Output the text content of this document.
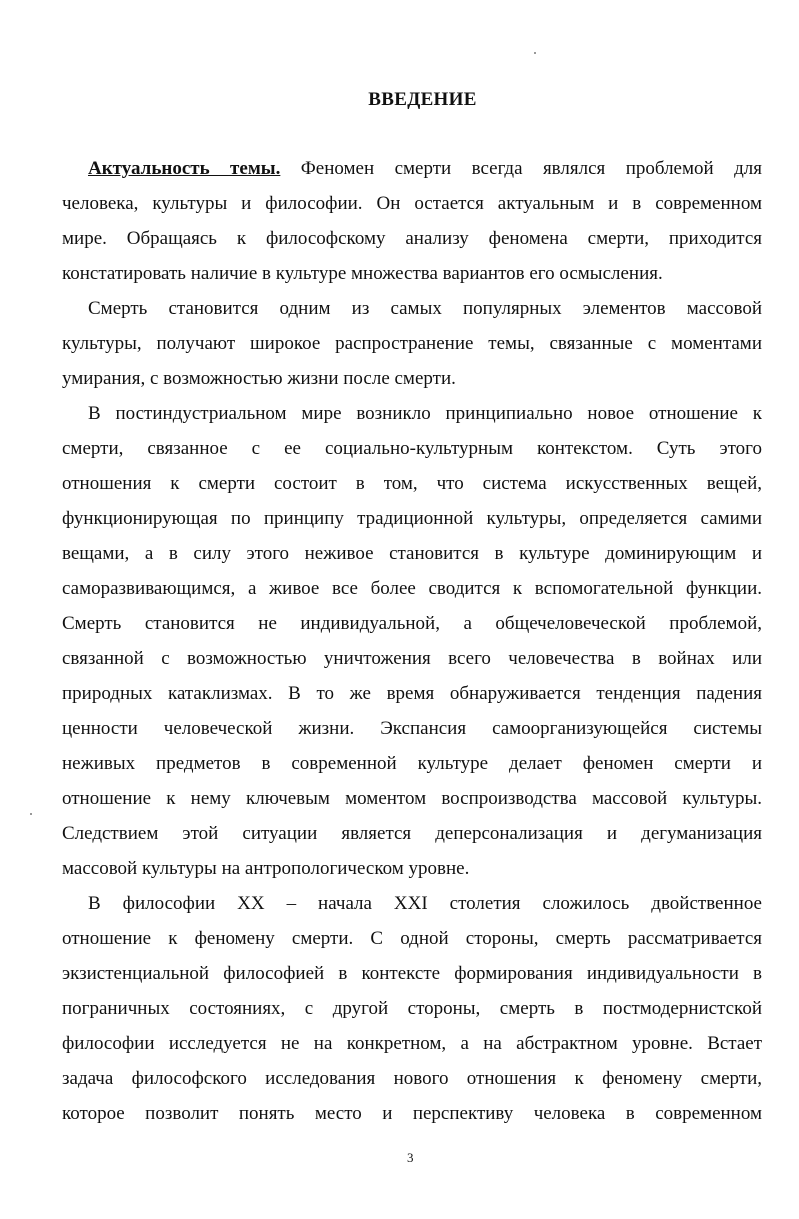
ВВЕДЕНИЕ
Актуальность темы. Феномен смерти всегда являлся проблемой для
человека, культуры и философии. Он остается актуальным и в современном
мире. Обращаясь к философскому анализу феномена смерти, приходится
констатировать наличие в культуре множества вариантов его осмысления.
Смерть становится одним из самых популярных элементов массовой
культуры, получают широкое распространение темы, связанные с моментами
умирания, с возможностью жизни после смерти.
В постиндустриальном мире возникло принципиально новое отношение к
смерти, связанное с ее социально-культурным контекстом. Суть этого
отношения к смерти состоит в том, что система искусственных вещей,
функционирующая по принципу традиционной культуры, определяется самими
вещами, а в силу этого неживое становится в культуре доминирующим и
саморазвивающимся, а живое все более сводится к вспомогательной функции.
Смерть становится не индивидуальной, а общечеловеческой проблемой,
связанной с возможностью уничтожения всего человечества в войнах или
природных катаклизмах. В то же время обнаруживается тенденция падения
ценности человеческой жизни. Экспансия самоорганизующейся системы
неживых предметов в современной культуре делает феномен смерти и
отношение к нему ключевым моментом воспроизводства массовой культуры.
Следствием этой ситуации является деперсонализация и дегуманизация
массовой культуры на антропологическом уровне.
В философии XX – начала XXI столетия сложилось двойственное
отношение к феномену смерти. С одной стороны, смерть рассматривается
экзистенциальной философией в контексте формирования индивидуальности в
пограничных состояниях, с другой стороны, смерть в постмодернистской
философии исследуется не на конкретном, а на абстрактном уровне. Встает
задача философского исследования нового отношения к феномену смерти,
которое позволит понять место и перспективу человека в современном
3
